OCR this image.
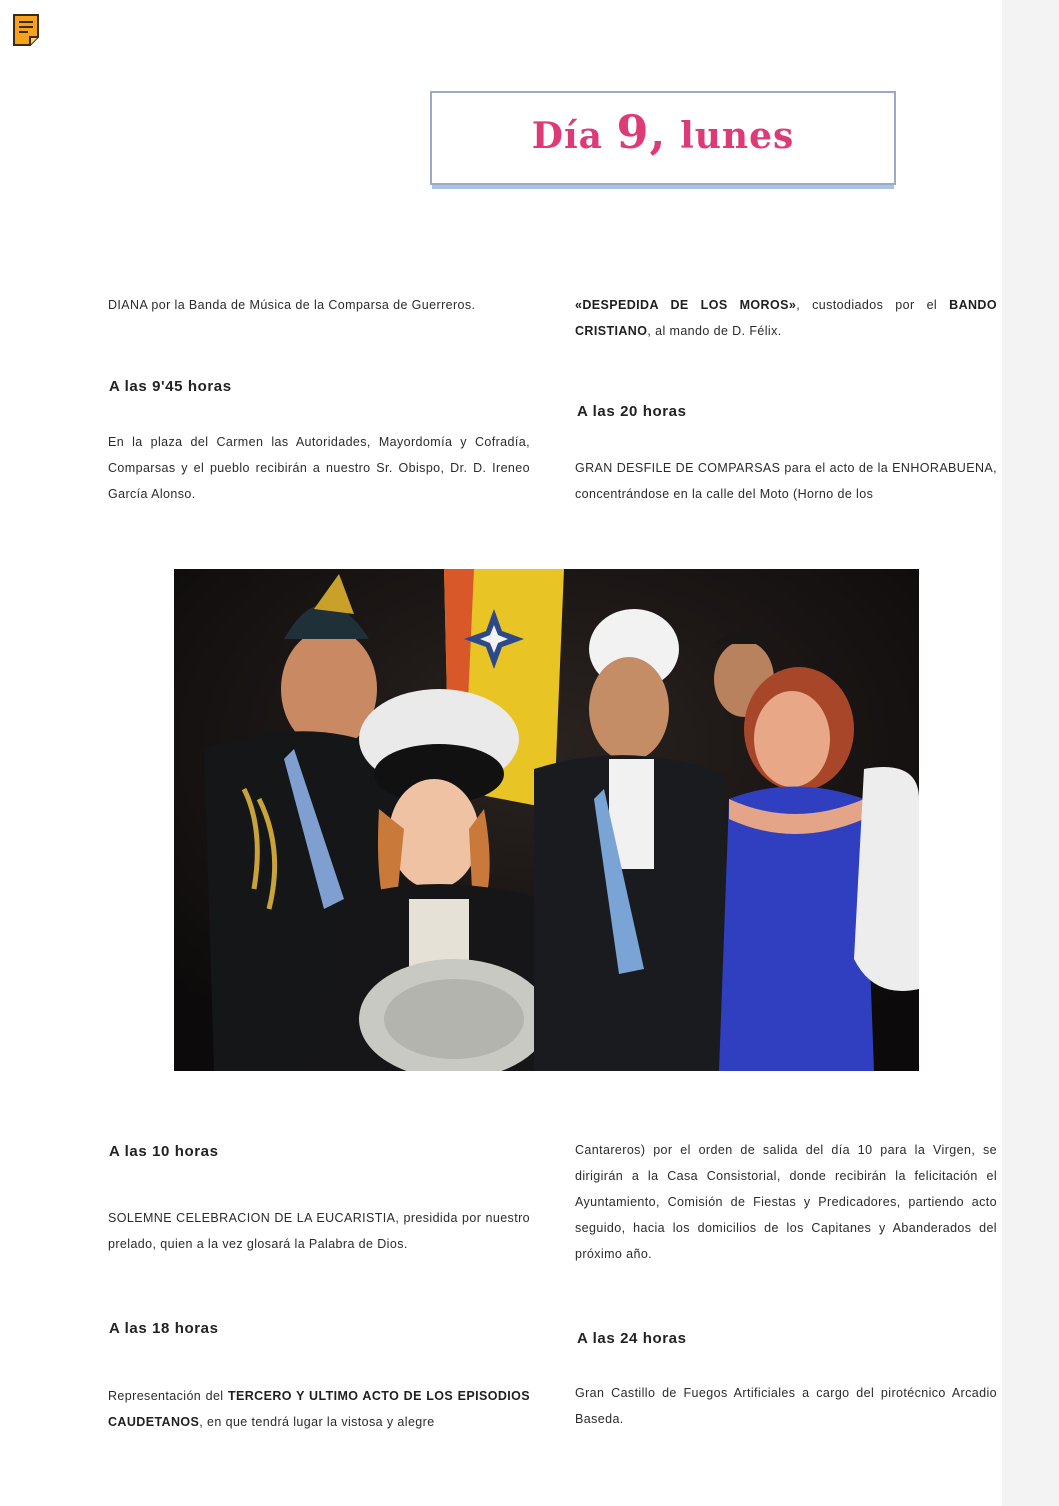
Día 9, lunes

DIANA por la Banda de Música de la Comparsa de Guerreros.

A las 9'45 horas

En la plaza del Carmen las Autoridades, Mayordomía y Cofradía, Comparsas y el pueblo recibirán a nuestro Sr. Obispo, Dr. D. Ireneo García Alonso.

«DESPEDIDA DE LOS MOROS», custodiados por el BANDO CRISTIANO, al mando de D. Félix.

A las 20 horas

GRAN DESFILE DE COMPARSAS para el acto de la ENHORABUENA, concentrándose en la calle del Moto (Horno de los

A las 10 horas

SOLEMNE CELEBRACION DE LA EUCARISTIA, presidida por nuestro prelado, quien a la vez glosará la Palabra de Dios.

A las 18 horas

Representación del TERCERO Y ULTIMO ACTO DE LOS EPISODIOS CAUDETANOS, en que tendrá lugar la vistosa y alegre

Cantareros) por el orden de salida del día 10 para la Virgen, se dirigirán a la Casa Consistorial, donde recibirán la felicitación el Ayuntamiento, Comisión de Fiestas y Predicadores, partiendo acto seguido, hacia los domicilios de los Capitanes y Abanderados del próximo año.

A las 24 horas

Gran Castillo de Fuegos Artificiales a cargo del pirotécnico Arcadio Baseda.
